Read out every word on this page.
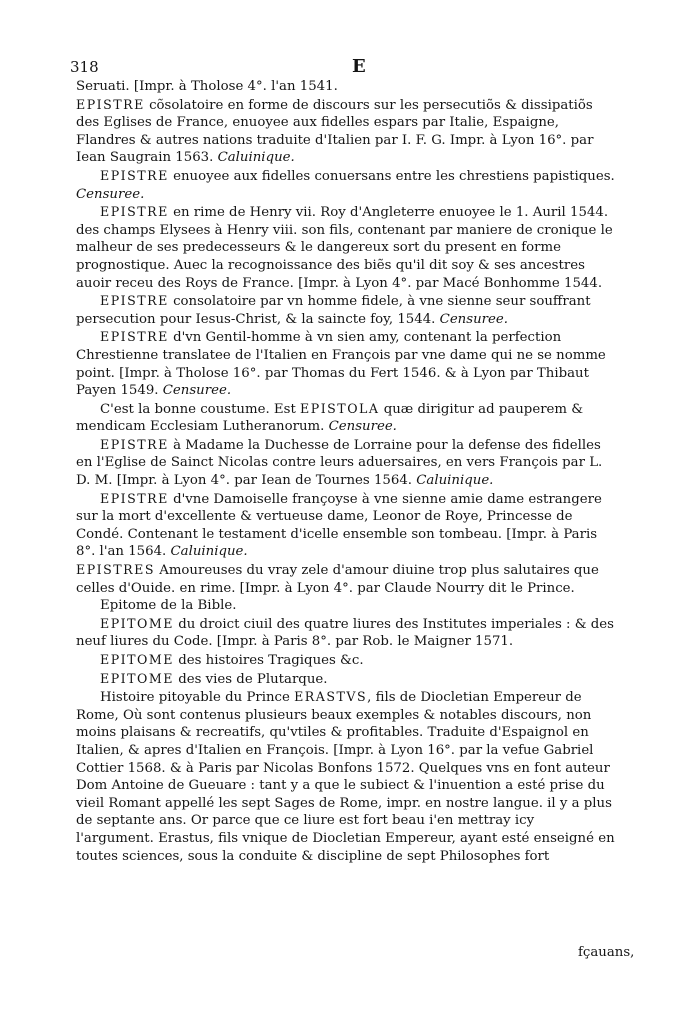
318	E

Seruati. [Impr. à Tholose 4°. l'an 1541.

EPISTRE cõsolatoire en forme de discours sur les persecutiõs & dissipatiõs des Eglises de France, enuoyee aux fidelles espars par Italie, Espaigne, Flandres & autres nations traduite d'Italien par I. F. G. Impr. à Lyon 16°. par Iean Saugrain 1563. Caluinique.

EPISTRE enuoyee aux fidelles conuersans entre les chrestiens papistiques. Censuree.

EPISTRE en rime de Henry vii. Roy d'Angleterre enuoyee le 1. Auril 1544. des champs Elysees à Henry viii. son fils, contenant par maniere de cronique le malheur de ses predecesseurs & le dangereux sort du present en forme prognostique. Auec la recognoissance des biẽs qu'il dit soy & ses ancestres auoir receu des Roys de France. [Impr. à Lyon 4°. par Macé Bonhomme 1544.

EPISTRE consolatoire par vn homme fidele, à vne sienne seur souffrant persecution pour Iesus-Christ, & la saincte foy, 1544. Censuree.

EPISTRE d'vn Gentil-homme à vn sien amy, contenant la perfection Chrestienne translatee de l'Italien en François par vne dame qui ne se nomme point. [Impr. à Tholose 16°. par Thomas du Fert 1546. & à Lyon par Thibaut Payen 1549. Censuree.

C'est la bonne coustume. Est EPISTOLA quæ dirigitur ad pauperem & mendicam Ecclesiam Lutheranorum. Censuree.

EPISTRE à Madame la Duchesse de Lorraine pour la defense des fidelles en l'Eglise de Sainct Nicolas contre leurs aduersaires, en vers François par L. D. M. [Impr. à Lyon 4°. par Iean de Tournes 1564. Caluinique.

EPISTRE d'vne Damoiselle françoyse à vne sienne amie dame estrangere sur la mort d'excellente & vertueuse dame, Leonor de Roye, Princesse de Condé. Contenant le testament d'icelle ensemble son tombeau. [Impr. à Paris 8°. l'an 1564. Caluinique.

EPISTRES Amoureuses du vray zele d'amour diuine trop plus salutaires que celles d'Ouide. en rime. [Impr. à Lyon 4°. par Claude Nourry dit le Prince.

Epitome de la Bible.

EPITOME du droict ciuil des quatre liures des Institutes imperiales : & des neuf liures du Code. [Impr. à Paris 8°. par Rob. le Maigner 1571.

EPITOME des histoires Tragiques &c.

EPITOME des vies de Plutarque.

Histoire pitoyable du Prince ERASTVS, fils de Diocletian Empereur de Rome, Où sont contenus plusieurs beaux exemples & notables discours, non moins plaisans & recreatifs, qu'vtiles & profitables. Traduite d'Espaignol en Italien, & apres d'Italien en François. [Impr. à Lyon 16°. par la vefue Gabriel Cottier 1568. & à Paris par Nicolas Bonfons 1572. Quelques vns en font auteur Dom Antoine de Gueuare : tant y a que le subiect & l'inuention a esté prise du vieil Romant appellé les sept Sages de Rome, impr. en nostre langue. il y a plus de septante ans. Or parce que ce liure est fort beau i'en mettray icy l'argument. Erastus, fils vnique de Diocletian Empereur, ayant esté enseigné en toutes sciences, sous la conduite & discipline de sept Philosophes fort

fçauans,
